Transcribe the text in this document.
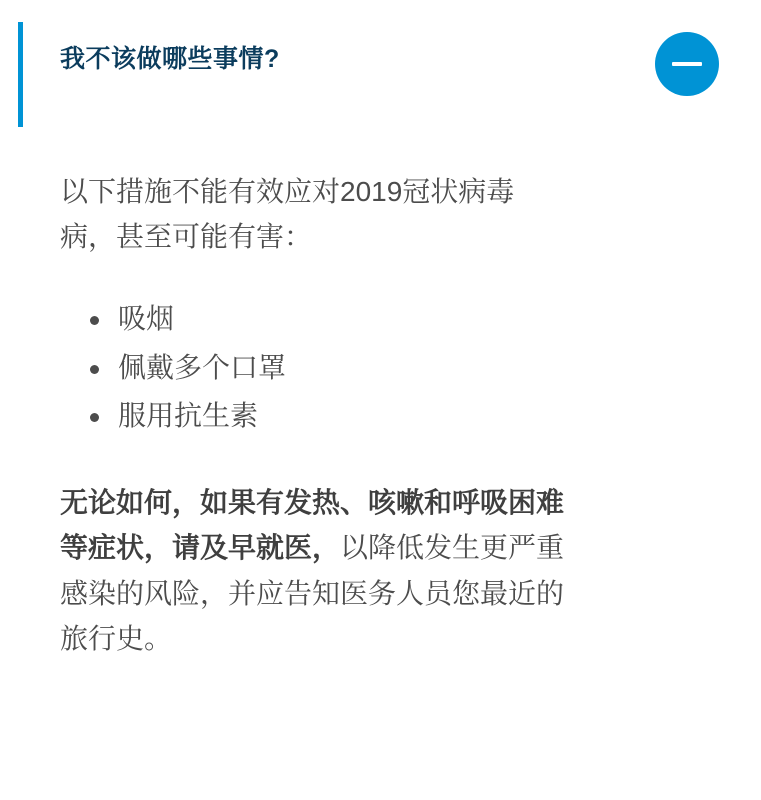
我不该做哪些事情?

以下措施不能有效应对2019冠状病毒病，甚至可能有害：

吸烟
佩戴多个口罩
服用抗生素

无论如何，如果有发热、咳嗽和呼吸困难等症状，请及早就医，以降低发生更严重感染的风险，并应告知医务人员您最近的旅行史。
